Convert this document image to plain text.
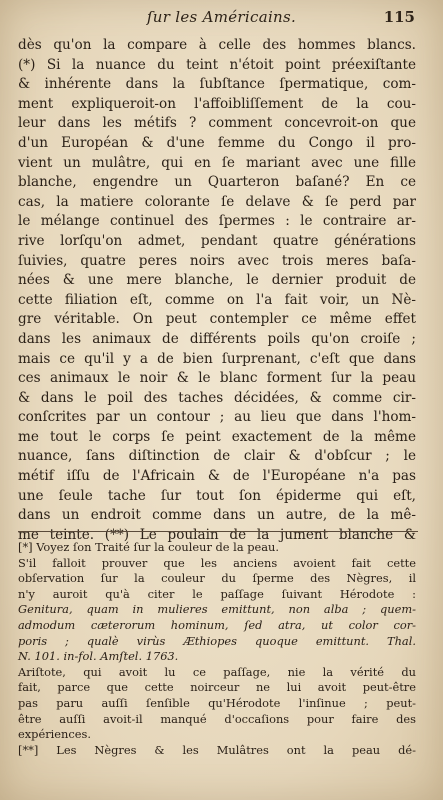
ſur les Américains.	115
dès qu'on la compare à celle des hommes blancs.
(*) Si la nuance du teint n'étoit point préexiſtante
& inhérente dans la ſubſtance ſpermatique, com-
ment expliqueroit-on l'affoibliſſement de la cou-
leur dans les métifs ? comment concevroit-on que
d'un Européan & d'une femme du Congo il pro-
vient un mulâtre, qui en ſe mariant avec une fille
blanche, engendre un Quarteron baſané? En ce
cas, la matiere colorante ſe delave & ſe perd par
le mélange continuel des ſpermes : le contraire ar-
rive lorſqu'on admet, pendant quatre générations
ſuivies, quatre peres noirs avec trois meres baſa-
nées & une mere blanche, le dernier produit de
cette filiation eſt, comme on l'a fait voir, un Nè-
gre véritable. On peut contempler ce même effet
dans les animaux de différents poils qu'on croiſe ;
mais ce qu'il y a de bien ſurprenant, c'eſt que dans
ces animaux le noir & le blanc forment ſur la peau
& dans le poil des taches décidées, & comme cir-
conſcrites par un contour ; au lieu que dans l'hom-
me tout le corps ſe peint exactement de la même
nuance, ſans diſtinction de clair & d'obſcur ; le
métif iſſu de l'Africain & de l'Européane n'a pas
une ſeule tache ſur tout ſon épiderme qui eſt,
dans un endroit comme dans un autre, de la mê-
me teinte. (**) Le poulain de la jument blanche &
[*] Voyez ſon Traité ſur la couleur de la peau.
S'il falloit prouver que les anciens avoient fait cette
obſervation ſur la couleur du ſperme des Nègres, il
n'y auroit qu'à citer le paſſage ſuivant Hérodote :
Genitura, quam in mulieres emittunt, non alba ; quem-
admodum cæterorum hominum, ſed atra, ut color cor-
poris ; qualè virùs Æthiopes quoque emittunt. Thal.
N. 101. in-fol. Amſtel. 1763.
Ariſtote, qui avoit lu ce paſſage, nie la vérité du
fait, parce que cette noirceur ne lui avoit peut-être
pas paru auſſi ſenſible qu'Hérodote l'inſinue ; peut-
être auſſi avoit-il manqué d'occaſions pour faire des
expériences.
[**] Les Nègres & les Mulâtres ont la peau dé-
